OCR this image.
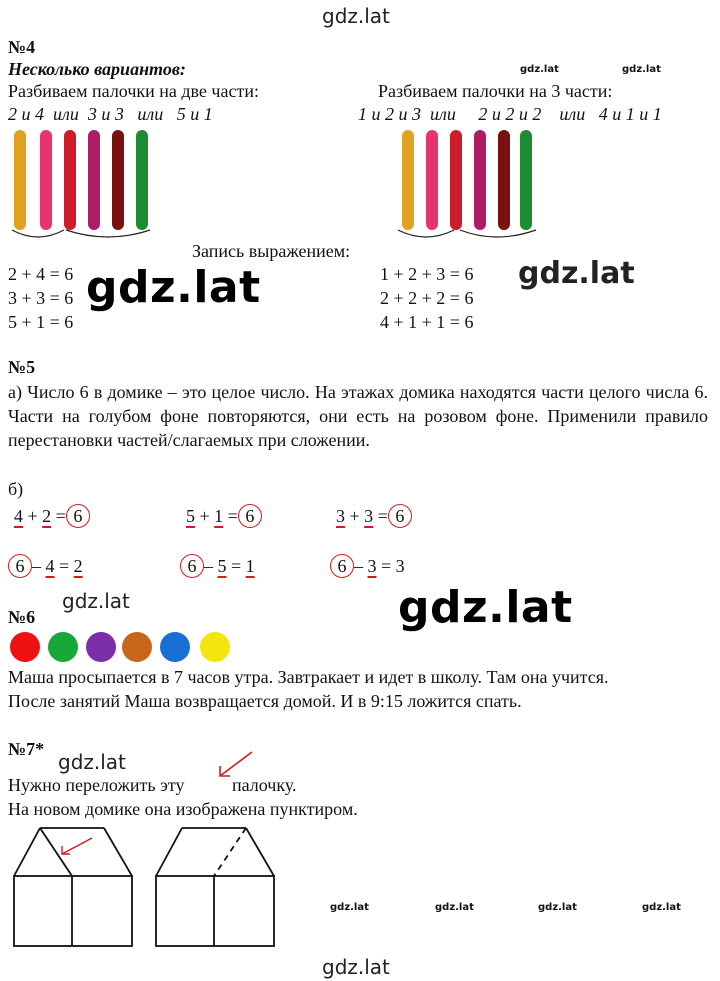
gdz.lat
gdz.lat
gdz.lat
gdz.lat
gdz.lat
gdz.lat
gdz.lat
gdz.lat	gdz.lat
gdz.lat	gdz.lat	gdz.lat	gdz.lat
№4
Несколько вариантов:
Разбиваем палочки на две части:	Разбиваем палочки на 3 части:
2 и 4  или  3 и 3   или   5 и 1	1 и 2 и 3  или     2 и 2 и 2    или   4 и 1 и 1
Запись выражением:
2 + 4 = 6
3 + 3 = 6
5 + 1 = 6
1 + 2 + 3 = 6
2 + 2 + 2 = 6
4 + 1 + 1 = 6
№5
а) Число 6 в домике – это целое число. На этажах домика находятся части целого числа 6. Части на голубом фоне повторяются, они есть на розовом фоне. Применили правило перестановки частей/слагаемых при сложении.
б)
4 + 2 = 6	5 + 1 = 6	3 + 3 = 6
6 – 4 = 2	6 – 5 = 1	6 – 3 = 3
№6
Маша просыпается в 7 часов утра. Завтракает и идет в школу. Там она учится.
После занятий Маша возвращается домой. И в 9:15 ложится спать.
№7*
Нужно переложить эту	палочку.
На новом домике она изображена пунктиром.
